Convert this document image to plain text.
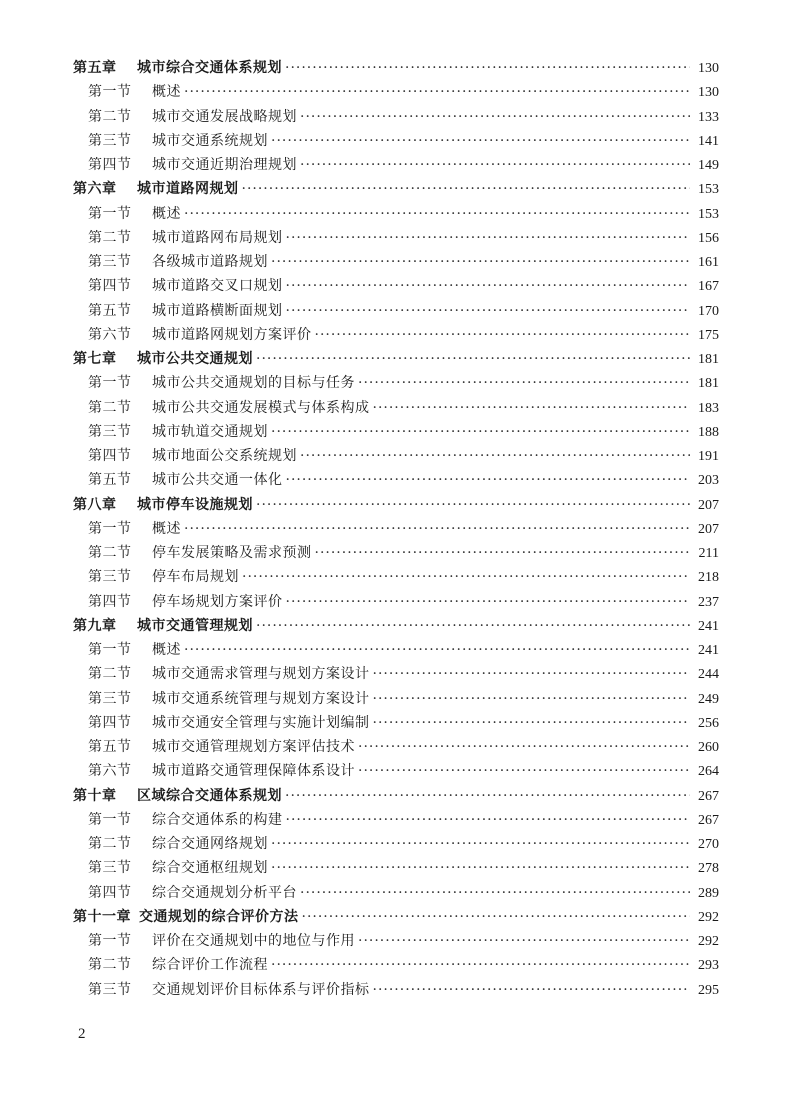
第五章	城市综合交通体系规划 ·····	130
第一节	概述 ·····	130
第二节	城市交通发展战略规划 ·····	133
第三节	城市交通系统规划 ·····	141
第四节	城市交通近期治理规划 ·····	149
第六章	城市道路网规划 ·····	153
第一节	概述 ·····	153
第二节	城市道路网布局规划 ·····	156
第三节	各级城市道路规划 ·····	161
第四节	城市道路交叉口规划 ·····	167
第五节	城市道路横断面规划 ·····	170
第六节	城市道路网规划方案评价 ·····	175
第七章	城市公共交通规划 ·····	181
第一节	城市公共交通规划的目标与任务 ·····	181
第二节	城市公共交通发展模式与体系构成 ·····	183
第三节	城市轨道交通规划 ·····	188
第四节	城市地面公交系统规划 ·····	191
第五节	城市公共交通一体化 ·····	203
第八章	城市停车设施规划 ·····	207
第一节	概述 ·····	207
第二节	停车发展策略及需求预测 ·····	211
第三节	停车布局规划 ·····	218
第四节	停车场规划方案评价 ·····	237
第九章	城市交通管理规划 ·····	241
第一节	概述 ·····	241
第二节	城市交通需求管理与规划方案设计 ·····	244
第三节	城市交通系统管理与规划方案设计 ·····	249
第四节	城市交通安全管理与实施计划编制 ·····	256
第五节	城市交通管理规划方案评估技术 ·····	260
第六节	城市道路交通管理保障体系设计 ·····	264
第十章	区域综合交通体系规划 ·····	267
第一节	综合交通体系的构建 ·····	267
第二节	综合交通网络规划 ·····	270
第三节	综合交通枢纽规划 ·····	278
第四节	综合交通规划分析平台 ·····	289
第十一章 交通规划的综合评价方法 ·····	292
第一节	评价在交通规划中的地位与作用 ·····	292
第二节	综合评价工作流程 ·····	293
第三节	交通规划评价目标体系与评价指标 ·····	295
2
